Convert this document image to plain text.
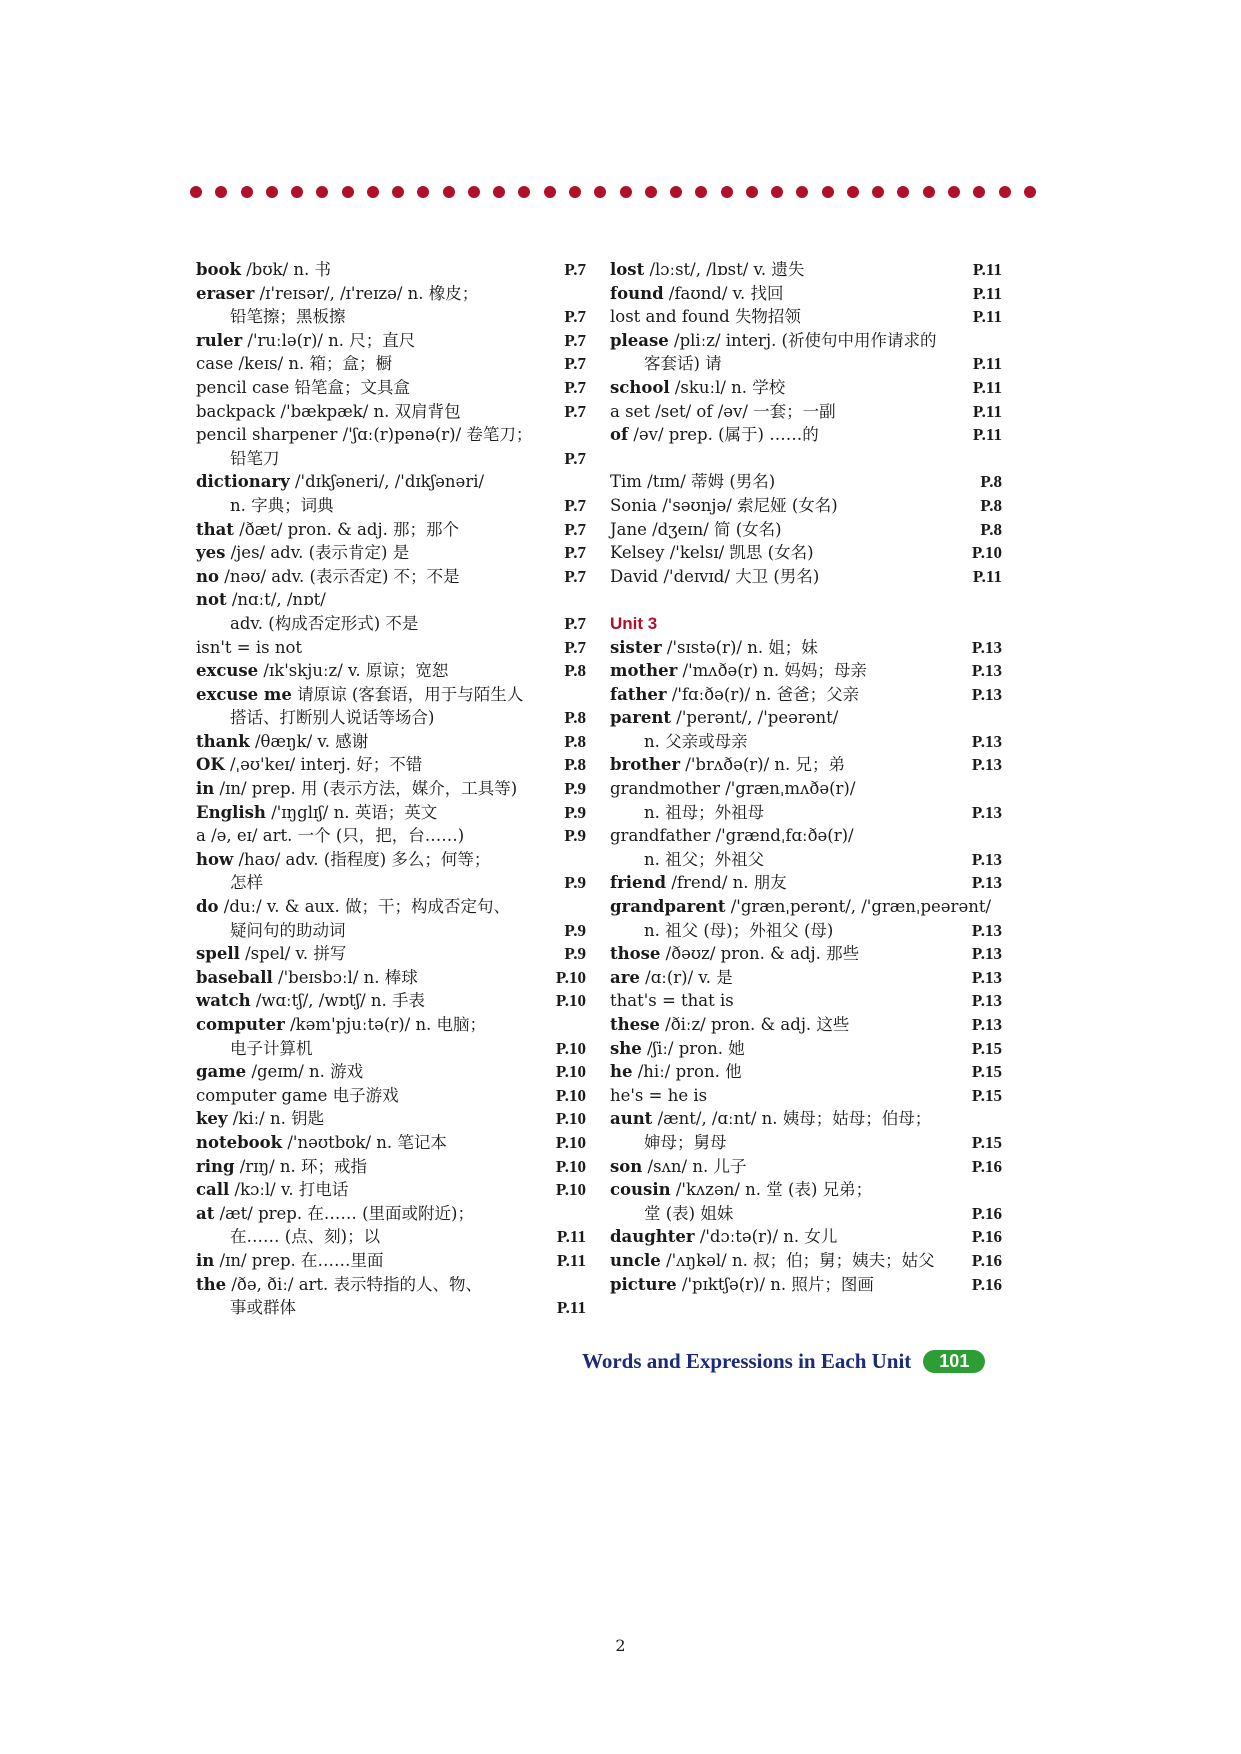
book /bʊk/ n. 书	P.7
eraser /ɪ'reɪsər/, /ɪ'reɪzə/ n. 橡皮；
铅笔擦；黑板擦	P.7
ruler /'ruːlə(r)/ n. 尺；直尺	P.7
case /keɪs/ n. 箱；盒；橱	P.7
pencil case 铅笔盒；文具盒	P.7
backpack /'bækpæk/ n. 双肩背包	P.7
pencil sharpener /'ʃɑː(r)pənə(r)/ 卷笔刀；
铅笔刀	P.7
dictionary /'dɪkʃəneri/, /'dɪkʃənəri/
n. 字典；词典	P.7
that /ðæt/ pron. & adj. 那；那个	P.7
yes /jes/ adv. (表示肯定) 是	P.7
no /nəʊ/ adv. (表示否定) 不；不是	P.7
not /nɑːt/, /nɒt/
adv. (构成否定形式) 不是	P.7
isn't = is not	P.7
excuse /ɪk'skjuːz/ v. 原谅；宽恕	P.8
excuse me 请原谅 (客套语，用于与陌生人
搭话、打断别人说话等场合)	P.8
thank /θæŋk/ v. 感谢	P.8
OK /ˌəʊ'keɪ/ interj. 好；不错	P.8
in /ɪn/ prep. 用 (表示方法，媒介，工具等)	P.9
English /'ɪŋglɪʃ/ n. 英语；英文	P.9
a /ə, eɪ/ art. 一个 (只，把，台……)	P.9
how /haʊ/ adv. (指程度) 多么；何等；
怎样	P.9
do /duː/ v. & aux. 做；干；构成否定句、
疑问句的助动词	P.9
spell /spel/ v. 拼写	P.9
baseball /'beɪsbɔːl/ n. 棒球	P.10
watch /wɑːtʃ/, /wɒtʃ/ n. 手表	P.10
computer /kəm'pjuːtə(r)/ n. 电脑；
电子计算机	P.10
game /geɪm/ n. 游戏	P.10
computer game 电子游戏	P.10
key /kiː/ n. 钥匙	P.10
notebook /'nəʊtbʊk/ n. 笔记本	P.10
ring /rɪŋ/ n. 环；戒指	P.10
call /kɔːl/ v. 打电话	P.10
at /æt/ prep. 在…… (里面或附近)；
在…… (点、刻)；以	P.11
in /ɪn/ prep. 在……里面	P.11
the /ðə, ðiː/ art. 表示特指的人、物、
事或群体	P.11
lost /lɔːst/, /lɒst/ v. 遗失	P.11
found /faʊnd/ v. 找回	P.11
lost and found 失物招领	P.11
please /pliːz/ interj. (祈使句中用作请求的
客套话) 请	P.11
school /skuːl/ n. 学校	P.11
a set /set/ of /əv/ 一套；一副	P.11
of /əv/ prep. (属于) ……的	P.11
Tim /tɪm/ 蒂姆 (男名)	P.8
Sonia /'səʊnjə/ 索尼娅 (女名)	P.8
Jane /dʒeɪn/ 简 (女名)	P.8
Kelsey /'kelsɪ/ 凯思 (女名)	P.10
David /'deɪvɪd/ 大卫 (男名)	P.11
Unit 3
sister /'sɪstə(r)/ n. 姐；妹	P.13
mother /'mʌðə(r) n. 妈妈；母亲	P.13
father /'fɑːðə(r)/ n. 爸爸；父亲	P.13
parent /'perənt/, /'peərənt/
n. 父亲或母亲	P.13
brother /'brʌðə(r)/ n. 兄；弟	P.13
grandmother /'grænˌmʌðə(r)/
n. 祖母；外祖母	P.13
grandfather /'grændˌfɑːðə(r)/
n. 祖父；外祖父	P.13
friend /frend/ n. 朋友	P.13
grandparent /'grænˌperənt/, /'grænˌpeərənt/
n. 祖父 (母)；外祖父 (母)	P.13
those /ðəʊz/ pron. & adj. 那些	P.13
are /ɑː(r)/ v. 是	P.13
that's = that is	P.13
these /ðiːz/ pron. & adj. 这些	P.13
she /ʃiː/ pron. 她	P.15
he /hiː/ pron. 他	P.15
he's = he is	P.15
aunt /ænt/, /ɑːnt/ n. 姨母；姑母；伯母；
婶母；舅母	P.15
son /sʌn/ n. 儿子	P.16
cousin /'kʌzən/ n. 堂 (表) 兄弟；
堂 (表) 姐妹	P.16
daughter /'dɔːtə(r)/ n. 女儿	P.16
uncle /'ʌŋkəl/ n. 叔；伯；舅；姨夫；姑父 P.16
picture /'pɪktʃə(r)/ n. 照片；图画	P.16
Words and Expressions in Each Unit	101
2
